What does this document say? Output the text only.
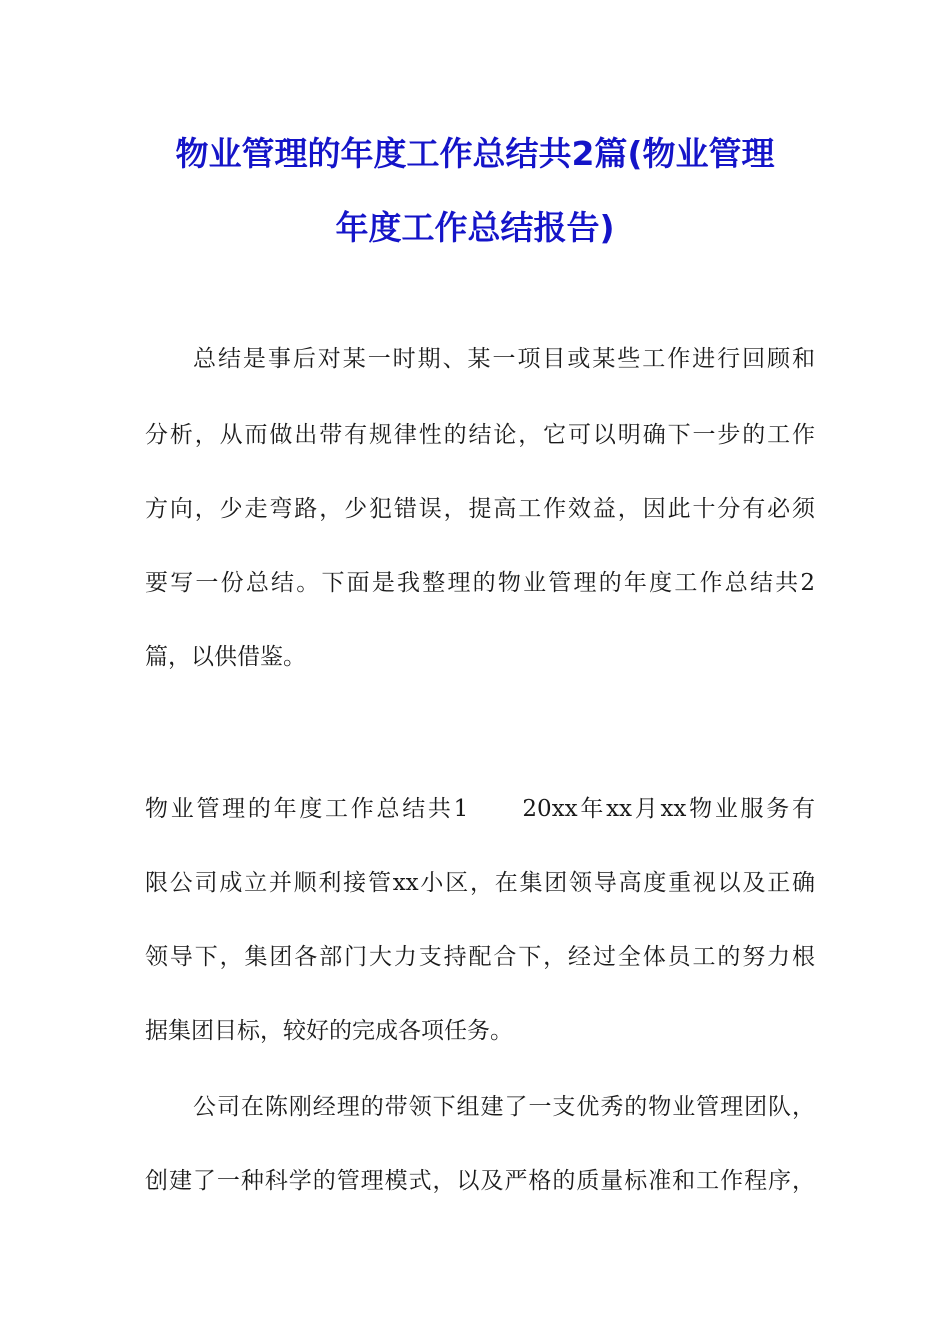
物业管理的年度工作总结共2篇(物业管理
年度工作总结报告)
总结是事后对某一时期、某一项目或某些工作进行回顾和
分析，从而做出带有规律性的结论，它可以明确下一步的工作
方向，少走弯路，少犯错误，提高工作效益，因此十分有必须
要写一份总结。下面是我整理的物业管理的年度工作总结共2
篇，以供借鉴。
物业管理的年度工作总结共1　　20xx年xx月xx物业服务有
限公司成立并顺利接管xx小区，在集团领导高度重视以及正确
领导下，集团各部门大力支持配合下，经过全体员工的努力根
据集团目标，较好的完成各项任务。
公司在陈刚经理的带领下组建了一支优秀的物业管理团队，
创建了一种科学的管理模式，以及严格的质量标准和工作程序，
